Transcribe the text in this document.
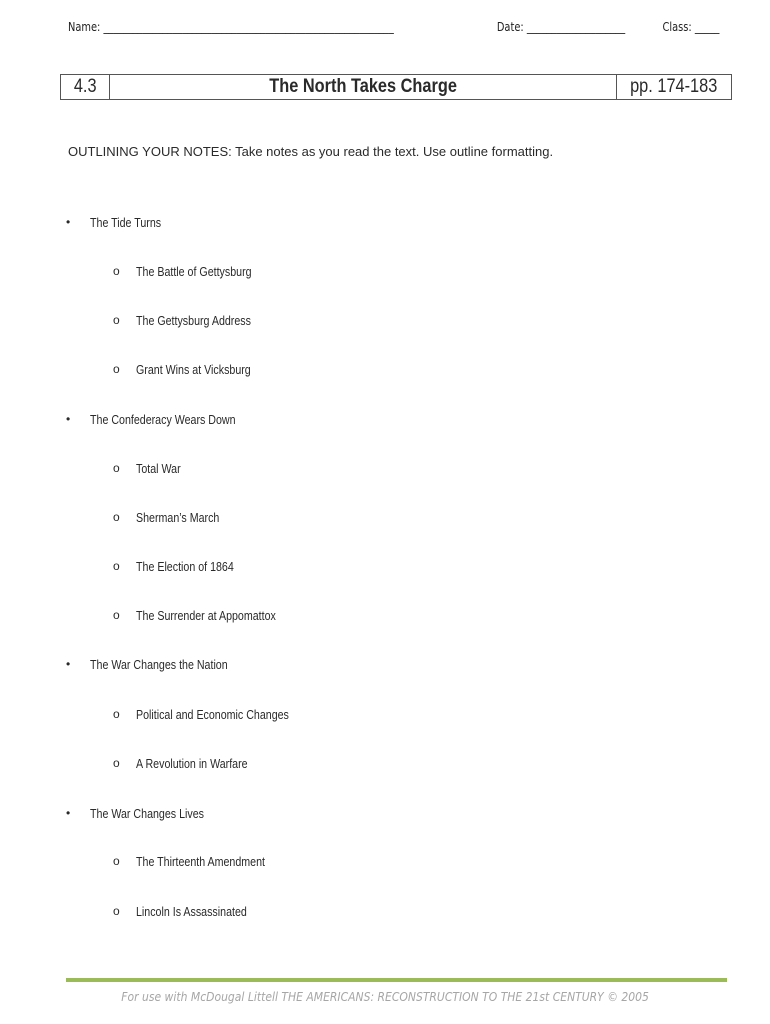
Name: ___________________________________________________________	Date: ____________________	Class: _____
4.3	The North Takes Charge	pp. 174-183
OUTLINING YOUR NOTES: Take notes as you read the text. Use outline formatting.
• The Tide Turns
o The Battle of Gettysburg
o The Gettysburg Address
o Grant Wins at Vicksburg
• The Confederacy Wears Down
o Total War
o Sherman’s March
o The Election of 1864
o The Surrender at Appomattox
• The War Changes the Nation
o Political and Economic Changes
o A Revolution in Warfare
• The War Changes Lives
o The Thirteenth Amendment
o Lincoln Is Assassinated
For use with McDougal Littell THE AMERICANS: RECONSTRUCTION TO THE 21st CENTURY © 2005
